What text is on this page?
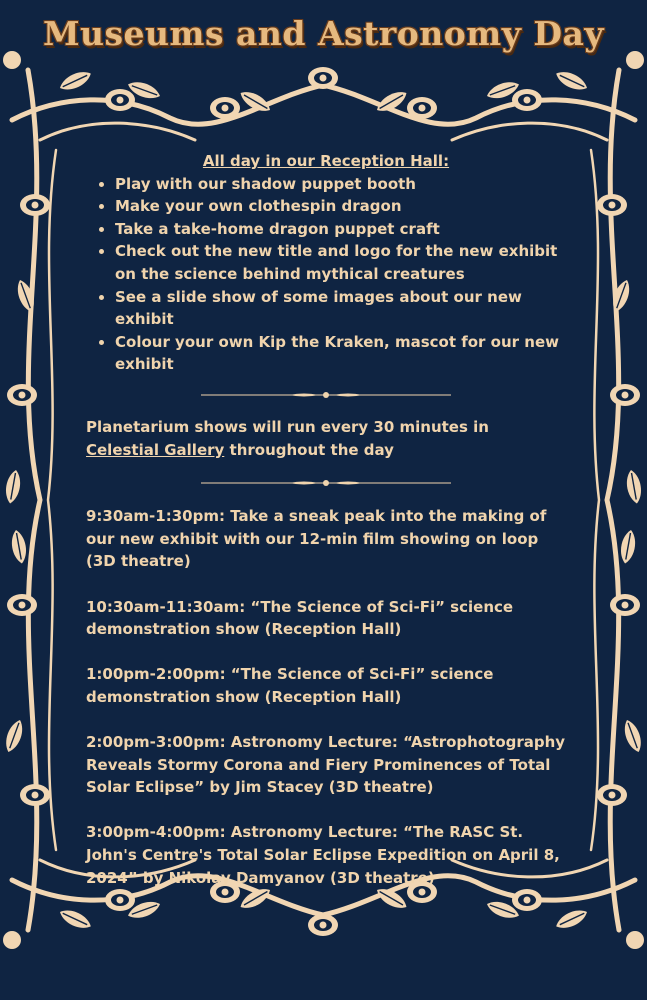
Museums and Astronomy Day
All day in our Reception Hall:
• Play with our shadow puppet booth
• Make your own clothespin dragon
• Take a take-home dragon puppet craft
• Check out the new title and logo for the new exhibit on the science behind mythical creatures
• See a slide show of some images about our new exhibit
• Colour your own Kip the Kraken, mascot for our new exhibit

Planetarium shows will run every 30 minutes in Celestial Gallery throughout the day

9:30am-1:30pm: Take a sneak peak into the making of our new exhibit with our 12-min film showing on loop
(3D theatre)
10:30am-11:30am: “The Science of Sci-Fi” science demonstration show (Reception Hall)
1:00pm-2:00pm: “The Science of Sci-Fi” science demonstration show (Reception Hall)
2:00pm-3:00pm: Astronomy Lecture: “Astrophotography Reveals Stormy Corona and Fiery Prominences of Total Solar Eclipse” by Jim Stacey (3D theatre)
3:00pm-4:00pm: Astronomy Lecture: “The RASC St. John's Centre's Total Solar Eclipse Expedition on April 8, 2024” by Nikolay Damyanov (3D theatre)
